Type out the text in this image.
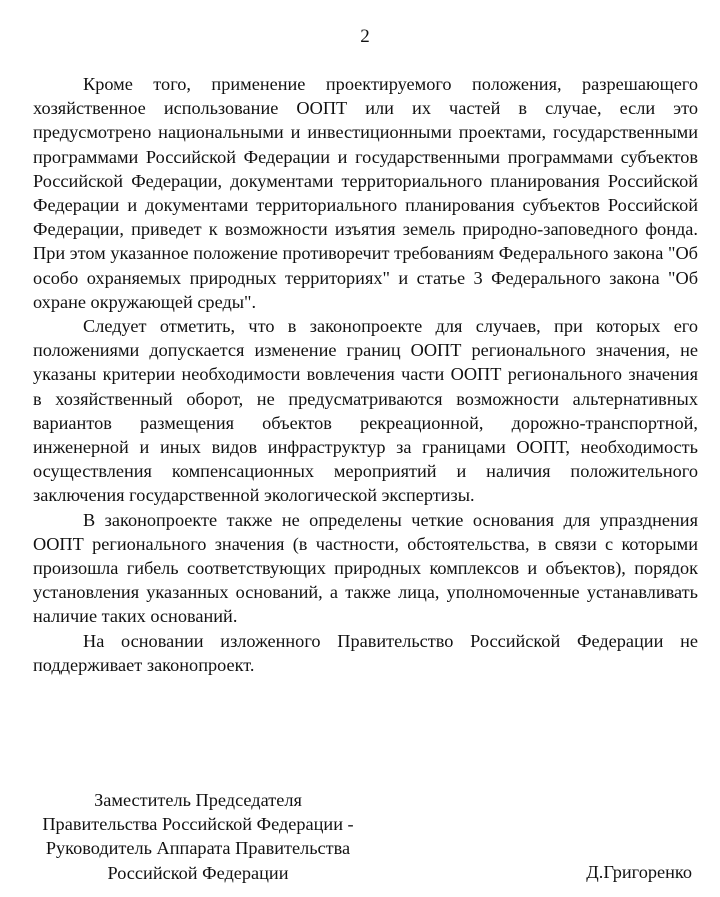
2

Кроме того, применение проектируемого положения, разрешающего хозяйственное использование ООПТ или их частей в случае, если это предусмотрено национальными и инвестиционными проектами, государственными программами Российской Федерации и государственными программами субъектов Российской Федерации, документами территориального планирования Российской Федерации и документами территориального планирования субъектов Российской Федерации, приведет к возможности изъятия земель природно-заповедного фонда. При этом указанное положение противоречит требованиям Федерального закона "Об особо охраняемых природных территориях" и статье 3 Федерального закона "Об охране окружающей среды".

Следует отметить, что в законопроекте для случаев, при которых его положениями допускается изменение границ ООПТ регионального значения, не указаны критерии необходимости вовлечения части ООПТ регионального значения в хозяйственный оборот, не предусматриваются возможности альтернативных вариантов размещения объектов рекреационной, дорожно-транспортной, инженерной и иных видов инфраструктур за границами ООПТ, необходимость осуществления компенсационных мероприятий и наличия положительного заключения государственной экологической экспертизы.

В законопроекте также не определены четкие основания для упразднения ООПТ регионального значения (в частности, обстоятельства, в связи с которыми произошла гибель соответствующих природных комплексов и объектов), порядок установления указанных оснований, а также лица, уполномоченные устанавливать наличие таких оснований.

На основании изложенного Правительство Российской Федерации не поддерживает законопроект.

Заместитель Председателя
Правительства Российской Федерации -
Руководитель Аппарата Правительства
Российской Федерации	Д.Григоренко
